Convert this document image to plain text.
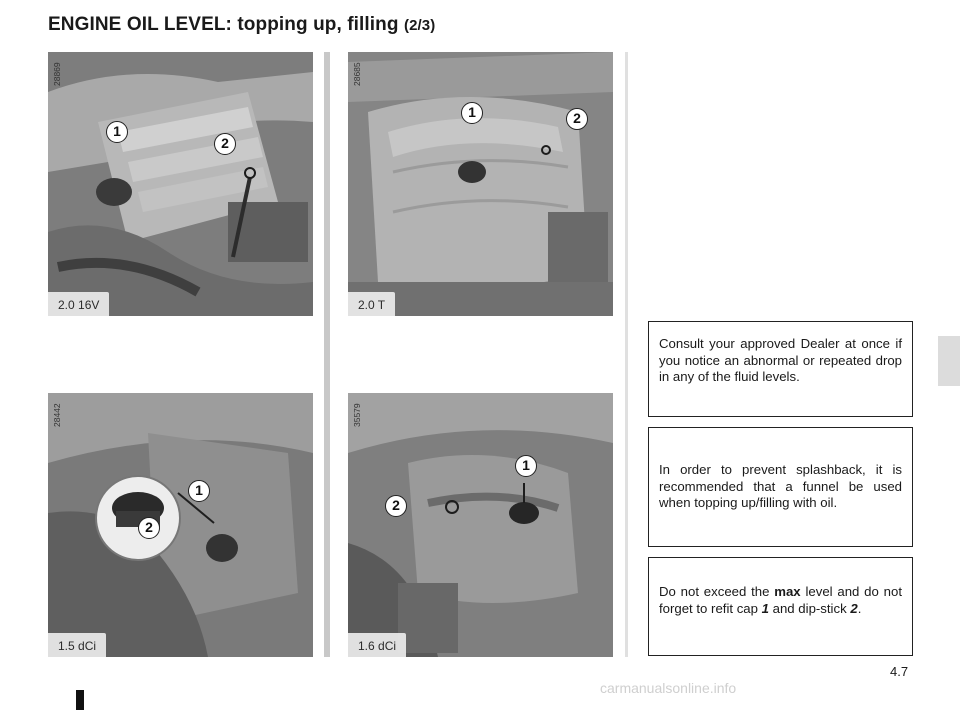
ENGINE OIL LEVEL: topping up, filling (2/3)
28869
2.0 16V
1
2
28685
2.0 T
1	2
28442
1.5 dCi
1
2
35579
1.6 dCi
1
2
Consult your approved Dealer at once if you notice an abnormal or repeated drop in any of the fluid levels.
In order to prevent splashback, it is recommended that a funnel be used when topping up/filling with oil.
Do not exceed the max level and do not forget to refit cap 1 and dip-stick 2.
4.7
carmanualsonline.info
